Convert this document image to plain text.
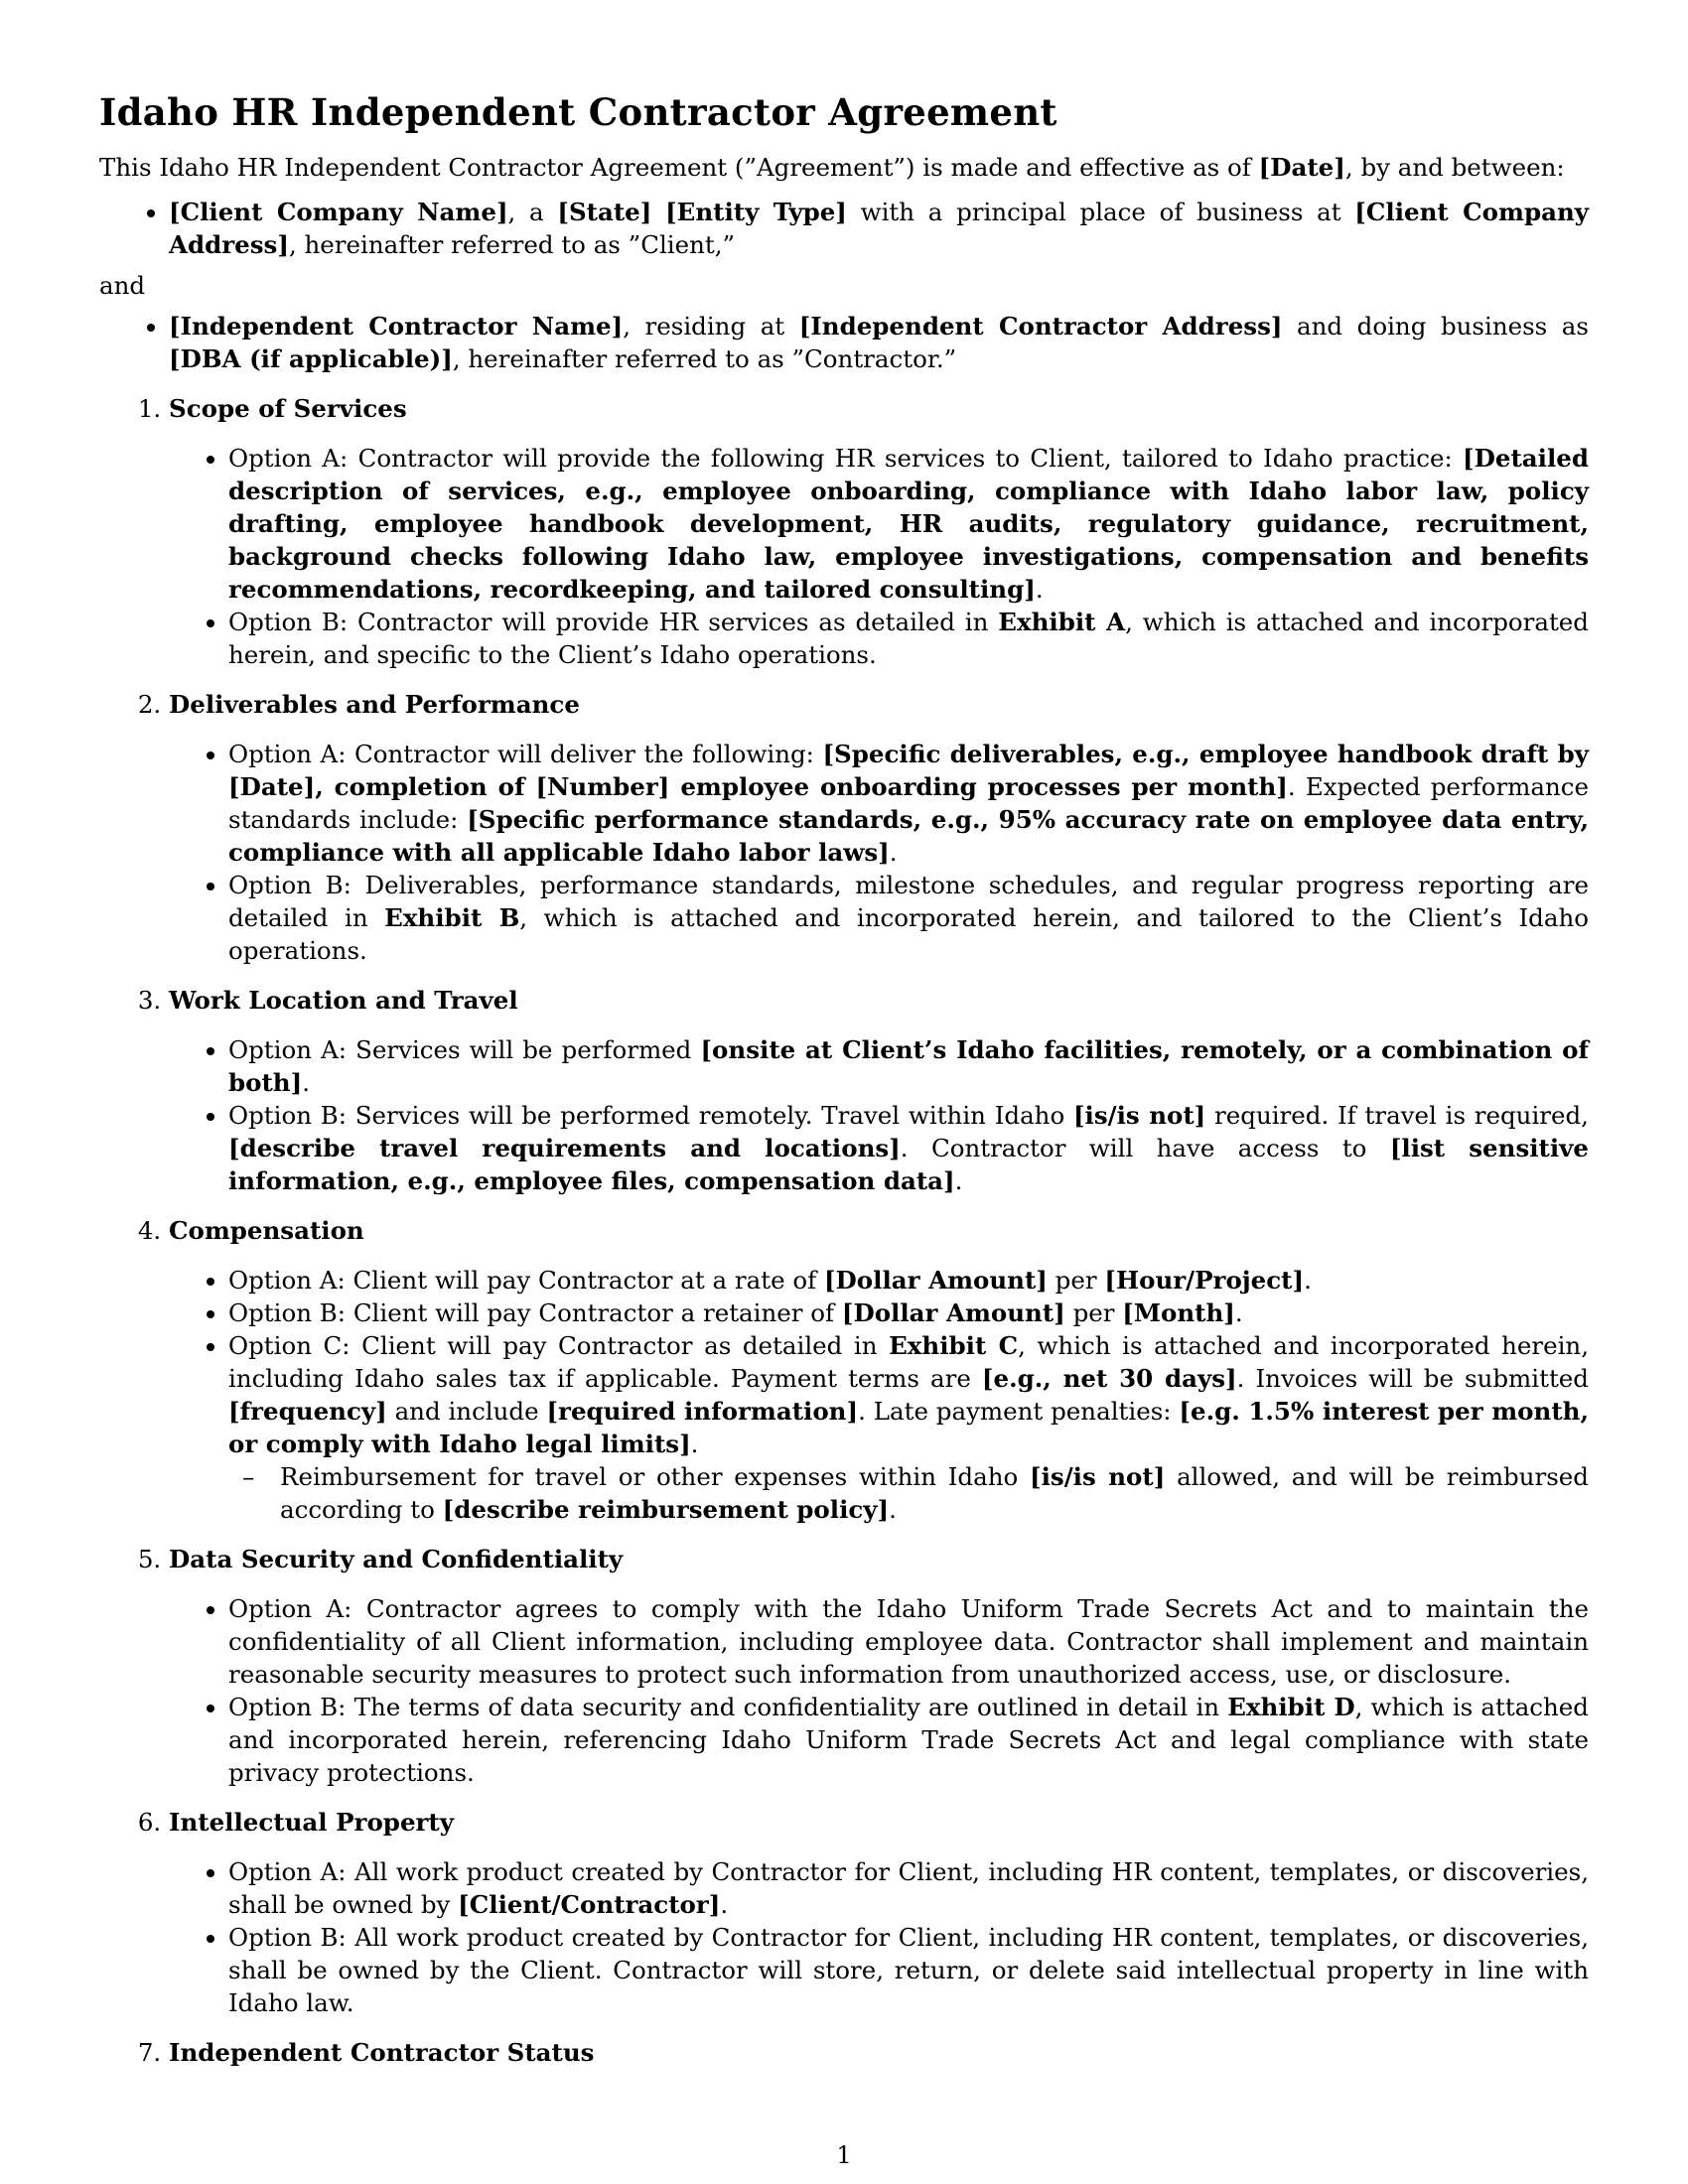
Idaho HR Independent Contractor Agreement

This Idaho HR Independent Contractor Agreement (”Agreement”) is made and effective as of [Date], by and between:

• [Client Company Name], a [State] [Entity Type] with a principal place of business at [Client Company Address], hereinafter referred to as ”Client,”

and

• [Independent Contractor Name], residing at [Independent Contractor Address] and doing business as [DBA (if applicable)], hereinafter referred to as ”Contractor.”
1. Scope of Services
• Option A: Contractor will provide the following HR services to Client, tailored to Idaho practice: [Detailed description of services, e.g., employee onboarding, compliance with Idaho labor law, policy drafting, employee handbook development, HR audits, regulatory guidance, recruitment, background checks following Idaho law, employee investigations, compensation and benefits recommendations, recordkeeping, and tailored consulting].
• Option B: Contractor will provide HR services as detailed in Exhibit A, which is attached and incorporated herein, and specific to the Client’s Idaho operations.
2. Deliverables and Performance
• Option A: Contractor will deliver the following: [Specific deliverables, e.g., employee handbook draft by [Date], completion of [Number] employee onboarding processes per month]. Expected performance standards include: [Specific performance standards, e.g., 95% accuracy rate on employee data entry, compliance with all applicable Idaho labor laws].
• Option B: Deliverables, performance standards, milestone schedules, and regular progress reporting are detailed in Exhibit B, which is attached and incorporated herein, and tailored to the Client’s Idaho operations.
3. Work Location and Travel
• Option A: Services will be performed [onsite at Client’s Idaho facilities, remotely, or a combination of both].
• Option B: Services will be performed remotely. Travel within Idaho [is/is not] required. If travel is required, [describe travel requirements and locations]. Contractor will have access to [list sensitive information, e.g., employee files, compensation data].
4. Compensation
• Option A: Client will pay Contractor at a rate of [Dollar Amount] per [Hour/Project].
• Option B: Client will pay Contractor a retainer of [Dollar Amount] per [Month].
• Option C: Client will pay Contractor as detailed in Exhibit C, which is attached and incorporated herein, including Idaho sales tax if applicable. Payment terms are [e.g., net 30 days]. Invoices will be submitted [frequency] and include [required information]. Late payment penalties: [e.g. 1.5% interest per month, or comply with Idaho legal limits].
– Reimbursement for travel or other expenses within Idaho [is/is not] allowed, and will be reimbursed according to [describe reimbursement policy].
5. Data Security and Confidentiality
• Option A: Contractor agrees to comply with the Idaho Uniform Trade Secrets Act and to maintain the confidentiality of all Client information, including employee data. Contractor shall implement and maintain reasonable security measures to protect such information from unauthorized access, use, or disclosure.
• Option B: The terms of data security and confidentiality are outlined in detail in Exhibit D, which is attached and incorporated herein, referencing Idaho Uniform Trade Secrets Act and legal compliance with state privacy protections.
6. Intellectual Property
• Option A: All work product created by Contractor for Client, including HR content, templates, or discoveries, shall be owned by [Client/Contractor].
• Option B: All work product created by Contractor for Client, including HR content, templates, or discoveries, shall be owned by the Client. Contractor will store, return, or delete said intellectual property in line with Idaho law.
7. Independent Contractor Status
1
